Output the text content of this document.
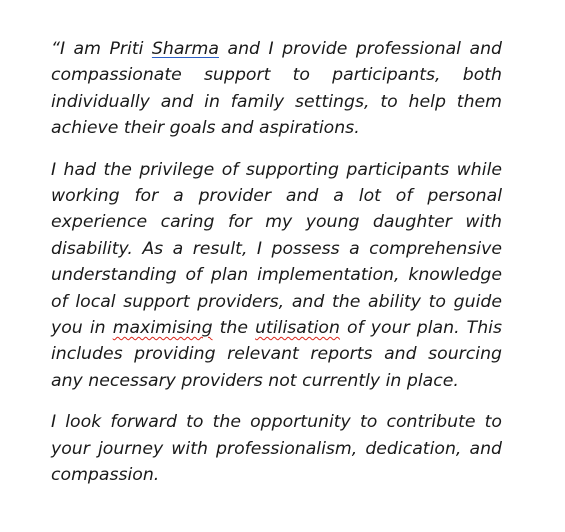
“I am Priti Sharma and I provide professional and compassionate support to participants, both individually and in family settings, to help them achieve their goals and aspirations.

I had the privilege of supporting participants while working for a provider and a lot of personal experience caring for my young daughter with disability. As a result, I possess a comprehensive understanding of plan implementation, knowledge of local support providers, and the ability to guide you in maximising the utilisation of your plan. This includes providing relevant reports and sourcing any necessary providers not currently in place.

I look forward to the opportunity to contribute to your journey with professionalism, dedication, and compassion.
